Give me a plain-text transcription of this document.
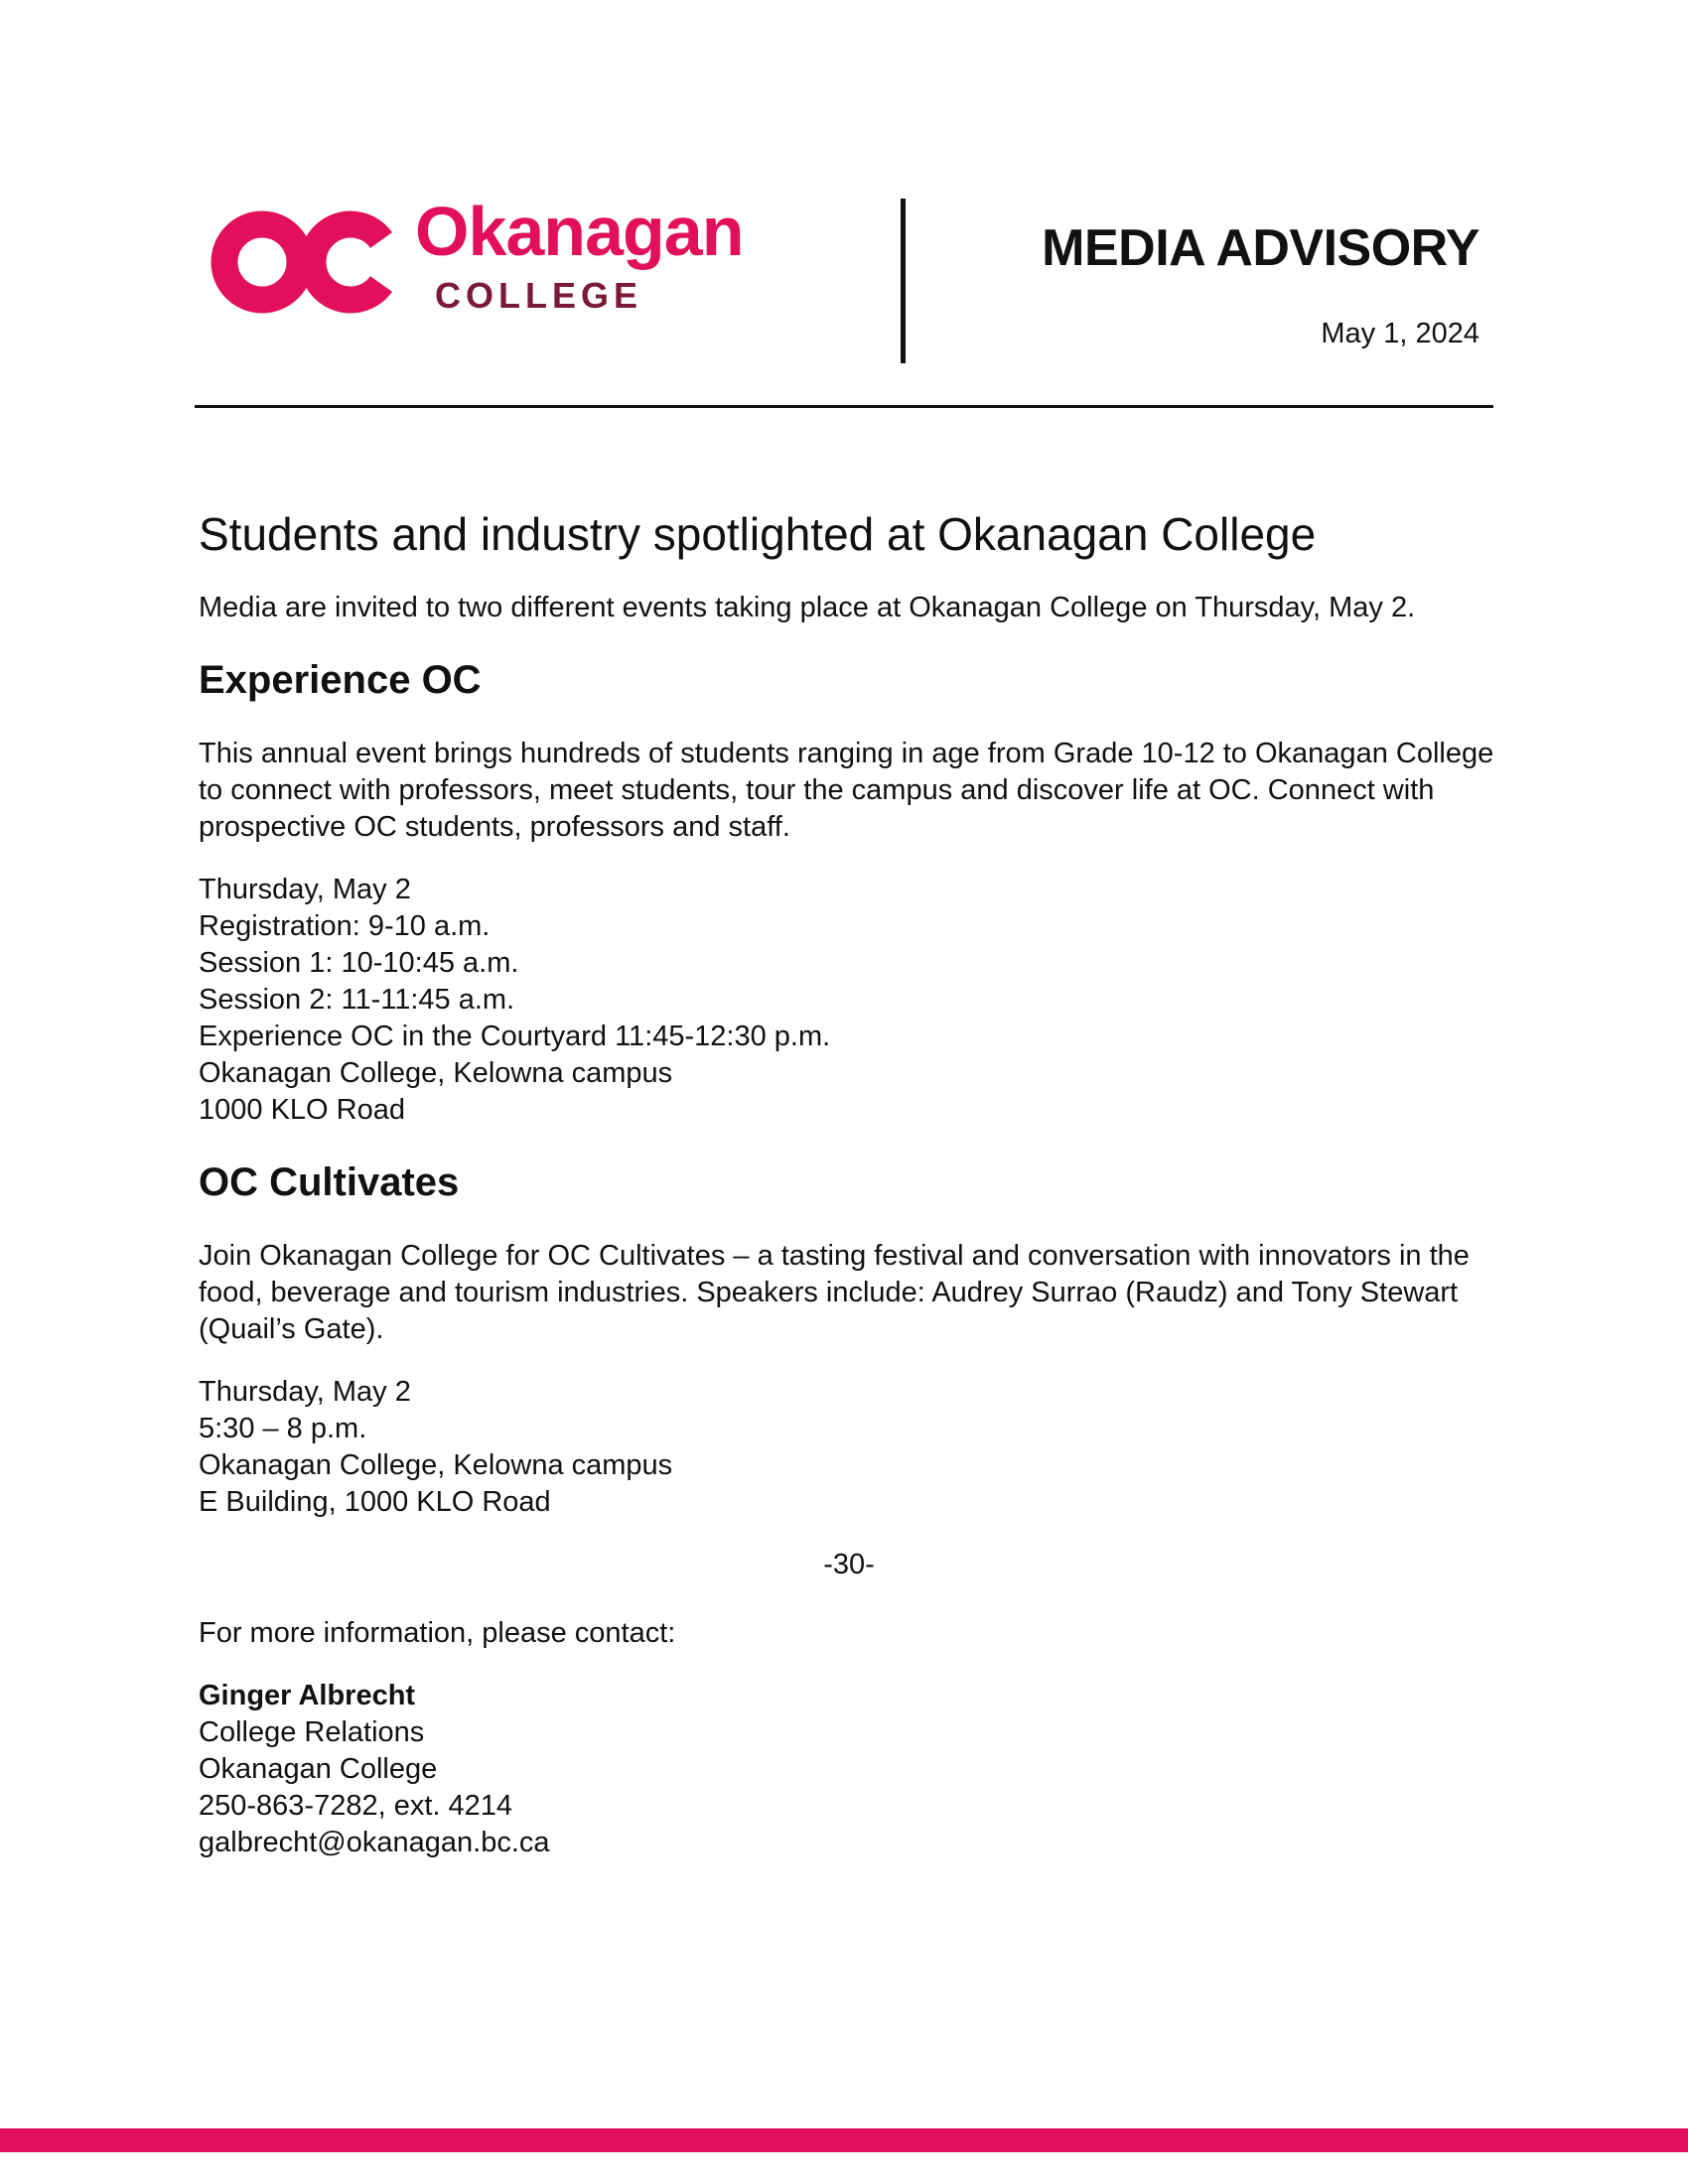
Okanagan
COLLEGE
MEDIA ADVISORY
May 1, 2024
Students and industry spotlighted at Okanagan College

Media are invited to two different events taking place at Okanagan College on Thursday, May 2.

Experience OC

This annual event brings hundreds of students ranging in age from Grade 10-12 to Okanagan College to connect with professors, meet students, tour the campus and discover life at OC. Connect with prospective OC students, professors and staff.

Thursday, May 2
Registration: 9-10 a.m.
Session 1: 10-10:45 a.m.
Session 2: 11-11:45 a.m.
Experience OC in the Courtyard 11:45-12:30 p.m.
Okanagan College, Kelowna campus
1000 KLO Road
OC Cultivates

Join Okanagan College for OC Cultivates – a tasting festival and conversation with innovators in the food, beverage and tourism industries. Speakers include: Audrey Surrao (Raudz) and Tony Stewart (Quail’s Gate).

Thursday, May 2
5:30 – 8 p.m.
Okanagan College, Kelowna campus
E Building, 1000 KLO Road
-30-

For more information, please contact:

Ginger Albrecht
College Relations
Okanagan College
250-863-7282, ext. 4214
galbrecht@okanagan.bc.ca
